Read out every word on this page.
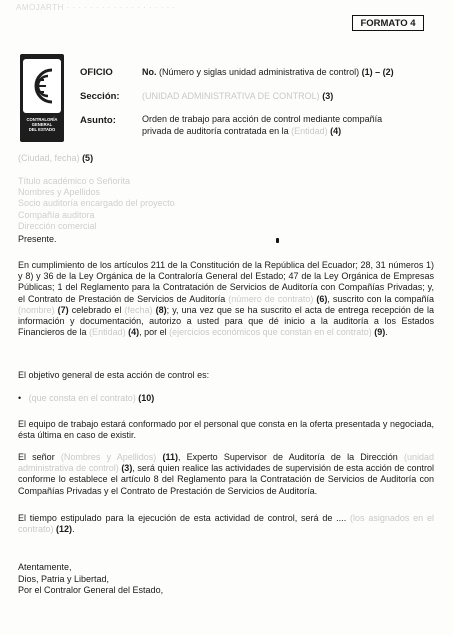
AMOJARTH · · · · · · · · · · · · · · · · · · ·
FORMATO 4
CONTRALORÍA
GENERAL
DEL ESTADO
OFICIO	No. (Número y siglas unidad administrativa de control) (1) – (2)
Sección: (UNIDAD ADMINISTRATIVA DE CONTROL) (3)
Asunto:	Orden de trabajo para acción de control mediante compañía
privada de auditoría contratada en la (Entidad) (4)
(Ciudad, fecha) (5)
Título académico o Señorita
Nombres y Apellidos
Socio auditoría encargado del proyecto
Compañía auditora
Dirección comercial
Presente.
En cumplimiento de los artículos 211 de la Constitución de la República del Ecuador; 28, 31 números 1) y 8) y 36 de la Ley Orgánica de la Contraloría General del Estado; 47 de la Ley Orgánica de Empresas Públicas; 1 del Reglamento para la Contratación de Servicios de Auditoría con Compañías Privadas; y, el Contrato de Prestación de Servicios de Auditoría (número de contrato) (6), suscrito con la compañía (nombre) (7) celebrado el (fecha) (8); y, una vez que se ha suscrito el acta de entrega recepción de la información y documentación, autorizo a usted para que dé inicio a la auditoría a los Estados Financieros de la (Entidad) (4), por el (ejercicios económicos que constan en el contrato) (9).
El objetivo general de esta acción de control es:
• (que consta en el contrato) (10)
El equipo de trabajo estará conformado por el personal que consta en la oferta presentada y negociada, ésta última en caso de existir.
El señor (Nombres y Apellidos) (11), Experto Supervisor de Auditoría de la Dirección (unidad administrativa de control) (3), será quien realice las actividades de supervisión de esta acción de control conforme lo establece el artículo 8 del Reglamento para la Contratación de Servicios de Auditoría con Compañías Privadas y el Contrato de Prestación de Servicios de Auditoría.
El tiempo estipulado para la ejecución de esta actividad de control, será de .... (los asignados en el contrato) (12).
Atentamente,
Dios, Patria y Libertad,
Por el Contralor General del Estado,
